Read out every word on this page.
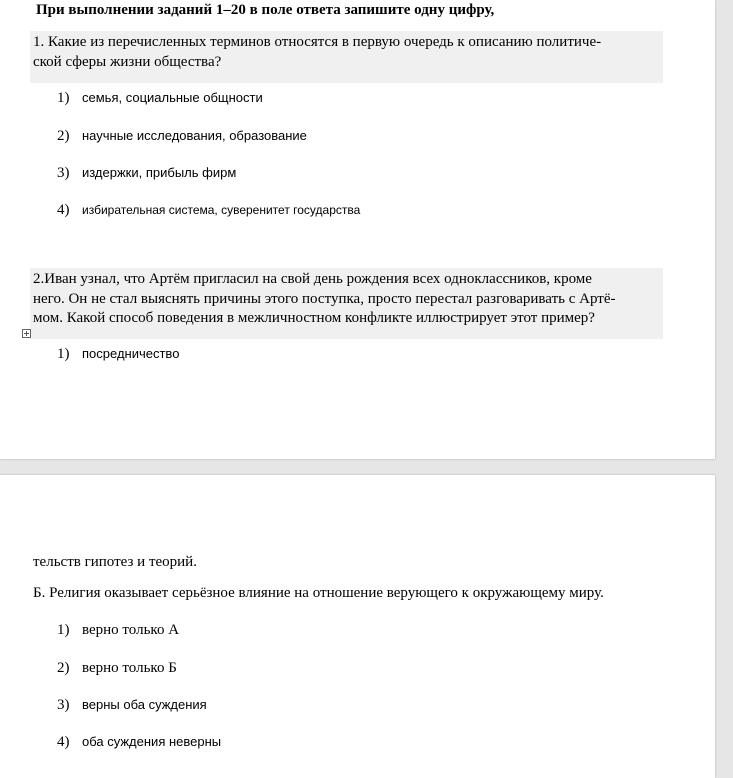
При выполнении заданий 1–20 в поле ответа запишите одну цифру,
1. Какие из перечисленных терминов относятся в первую очередь к описанию политиче-
ской сферы жизни общества?
1) семья, социальные общности
2) научные исследования, образование
3) издержки, прибыль фирм
4) избирательная система, суверенитет государства
2.Иван узнал, что Артём пригласил на свой день рождения всех одноклассников, кроме
него. Он не стал выяснять причины этого поступка, просто перестал разговаривать с Артё-
мом. Какой способ поведения в межличностном конфликте иллюстрирует этот пример?
1) посредничество
тельств гипотез и теорий.
Б. Религия оказывает серьёзное влияние на отношение верующего к окружающему миру.
1) верно только А
2) верно только Б
3) верны оба суждения
4) оба суждения неверны
